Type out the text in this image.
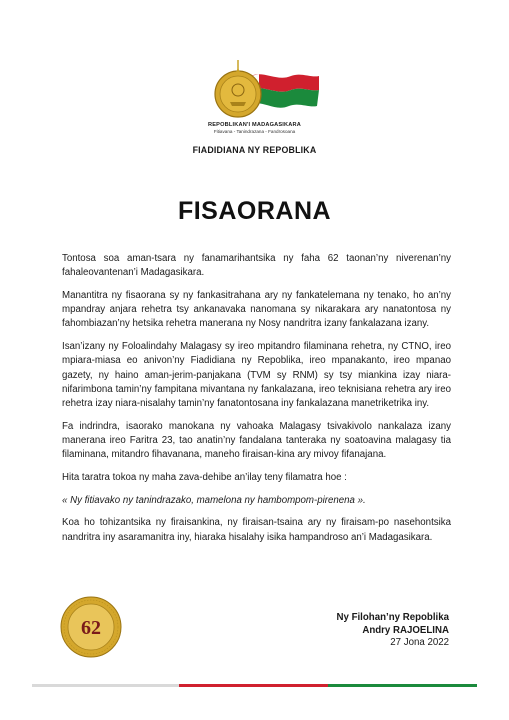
REPOBLIKAN'I MADAGASIKARA
Fitiavana - Tanindrazana - Fandrosoana
FIADIDIANA NY REPOBLIKA
FISAORANA

Tontosa soa aman-tsara ny fanamarihantsika ny faha 62 taonan’ny niverenan’ny fahaleovantenan’i Madagasikara.

Manantitra ny fisaorana sy ny fankasitrahana ary ny fankatelemana ny tenako, ho an’ny mpandray anjara rehetra tsy ankanavaka nanomana sy nikarakara ary nanatontosa ny fahombiazan’ny hetsika rehetra manerana ny Nosy nandritra izany fankalazana izany.

Isan’izany ny Foloalindahy Malagasy sy ireo mpitandro filaminana rehetra, ny CTNO, ireo mpiara-miasa eo anivon’ny Fiadidiana ny Repoblika, ireo mpanakanto, ireo mpanao gazety, ny haino aman-jerim-panjakana (TVM sy RNM) sy tsy miankina izay niara-nifarimbona tamin’ny fampitana mivantana ny fankalazana, ireo teknisiana rehetra ary ireo rehetra izay niara-nisalahy tamin’ny fanatontosana iny fankalazana manetriketrika iny.

Fa indrindra, isaorako manokana ny vahoaka Malagasy tsivakivolo nankalaza izany manerana ireo Faritra 23, tao anatin’ny fandalana tanteraka ny soatoavina malagasy tia filaminana, mitandro fihavanana, maneho firaisan-kina ary mivoy fifanajana.

Hita taratra tokoa ny maha zava-dehibe an’ilay teny filamatra hoe :

« Ny fitiavako ny tanindrazako, mamelona ny hambompom-pirenena ».

Koa ho tohizantsika ny firaisankina, ny firaisan-tsaina ary ny firaisam-po nasehontsika nandritra iny asaramanitra iny, hiaraka hisalahy isika hampandroso an’i Madagasikara.

62	Ny Filohan’ny Repoblika
Andry RAJOELINA
27 Jona 2022
